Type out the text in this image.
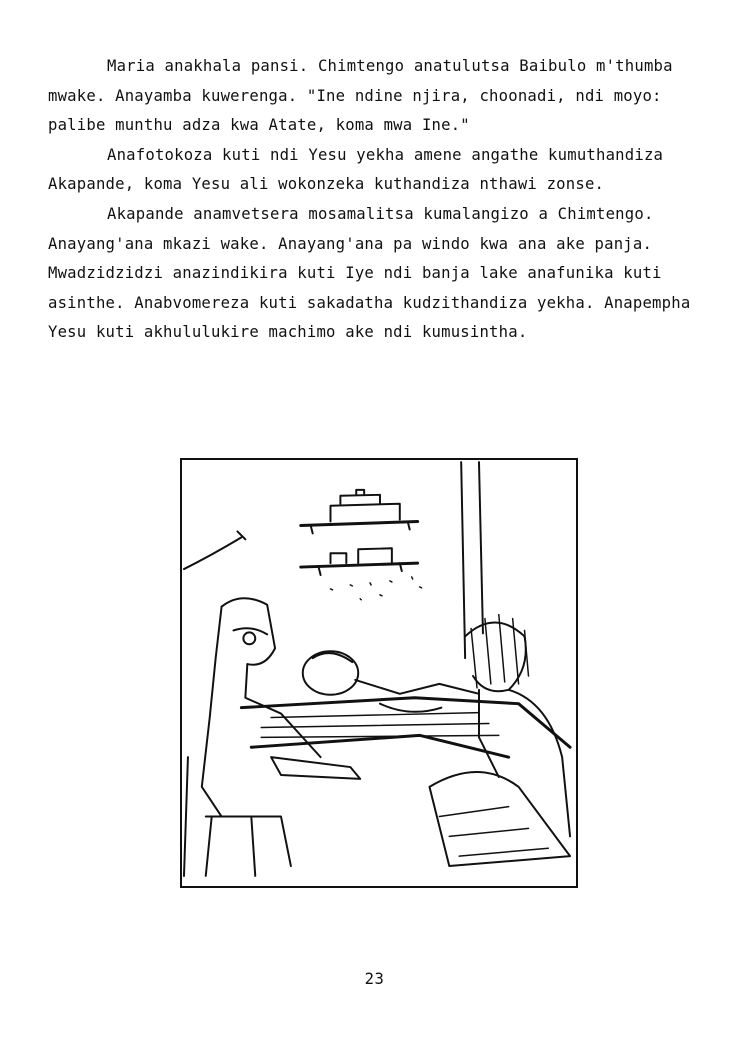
Maria anakhala pansi. Chimtengo anatulutsa Baibulo m'thumba mwake. Anayamba kuwerenga. "Ine ndine njira, choonadi, ndi moyo: palibe munthu adza kwa Atate, koma mwa Ine."

Anafotokoza kuti ndi Yesu yekha amene angathe kumuthandiza Akapande, koma Yesu ali wokonzeka kuthandiza nthawi zonse.

Akapande anamvetsera mosamalitsa kumalangizo a Chimtengo. Anayang'ana mkazi wake. Anayang'ana pa windo kwa ana ake panja. Mwadzidzidzi anazindikira kuti Iye ndi banja lake anafunika kuti asinthe. Anabvomereza kuti sakadatha kudzithandiza yekha. Anapempha Yesu kuti akhululukire machimo ake ndi kumusintha.

23
